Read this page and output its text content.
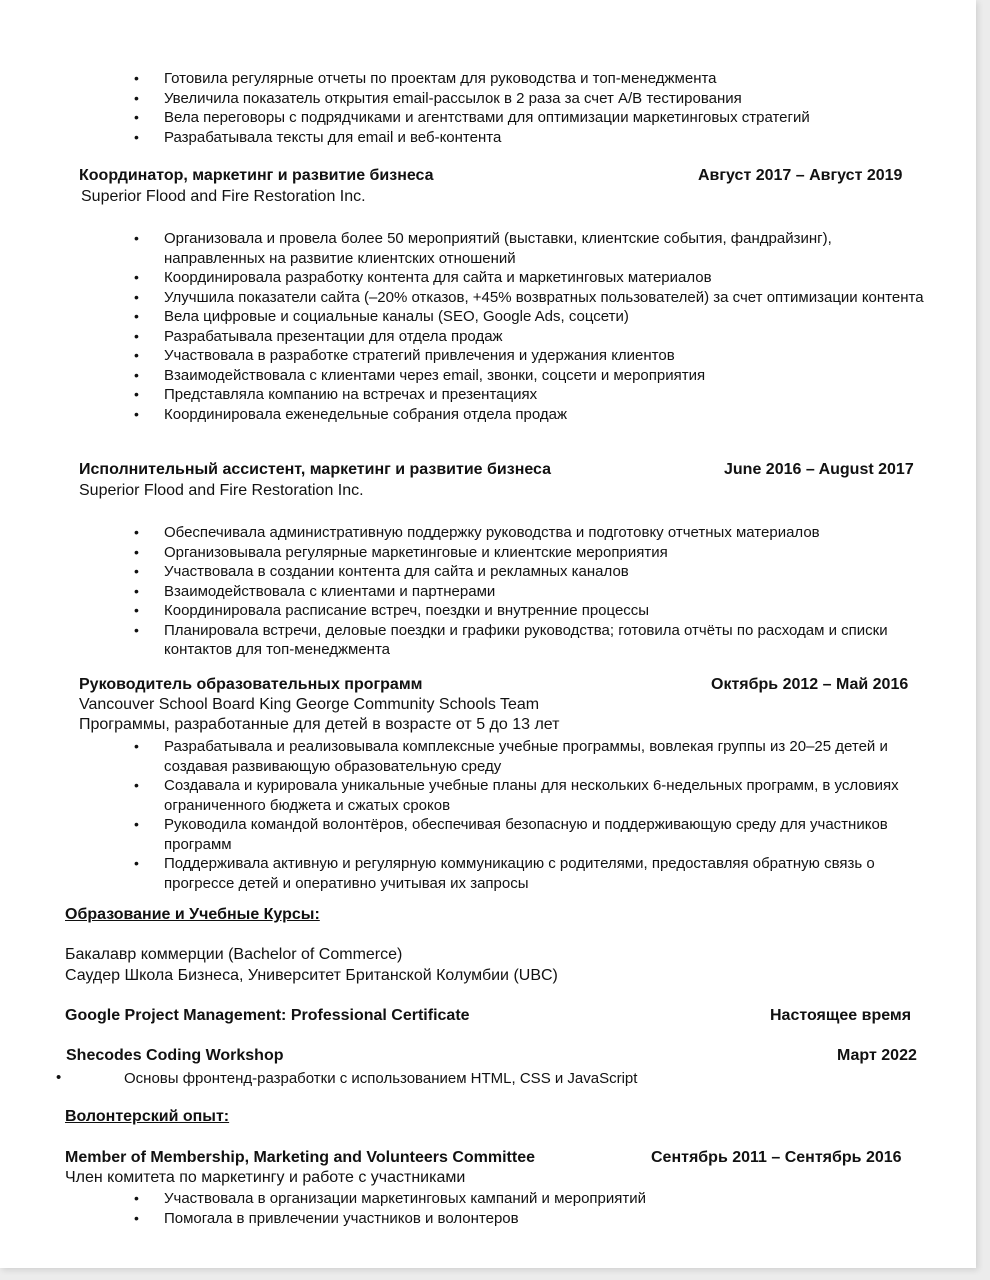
• Готовила регулярные отчеты по проектам для руководства и топ-менеджмента
• Увеличила показатель открытия email-рассылок в 2 раза за счет A/B тестирования
• Вела переговоры с подрядчиками и агентствами для оптимизации маркетинговых стратегий
• Разрабатывала тексты для email и веб-контента
Координатор, маркетинг и развитие бизнеса	Август 2017 – Август 2019
Superior Flood and Fire Restoration Inc.
• Организовала и провела более 50 мероприятий (выставки, клиентские события, фандрайзинг), направленных на развитие клиентских отношений
• Координировала разработку контента для сайта и маркетинговых материалов
• Улучшила показатели сайта (–20% отказов, +45% возвратных пользователей) за счет оптимизации контента
• Вела цифровые и социальные каналы (SEO, Google Ads, соцсети)
• Разрабатывала презентации для отдела продаж
• Участвовала в разработке стратегий привлечения и удержания клиентов
• Взаимодействовала с клиентами через email, звонки, соцсети и мероприятия
• Представляла компанию на встречах и презентациях
• Координировала еженедельные собрания отдела продаж
Исполнительный ассистент, маркетинг и развитие бизнеса	June 2016 – August 2017
Superior Flood and Fire Restoration Inc.
• Обеспечивала административную поддержку руководства и подготовку отчетных материалов
• Организовывала регулярные маркетинговые и клиентские мероприятия
• Участвовала в создании контента для сайта и рекламных каналов
• Взаимодействовала с клиентами и партнерами
• Координировала расписание встреч, поездки и внутренние процессы
• Планировала встречи, деловые поездки и графики руководства; готовила отчёты по расходам и списки контактов для топ-менеджмента
Руководитель образовательных программ	Октябрь 2012 – Май 2016
Vancouver School Board King George Community Schools Team
Программы, разработанные для детей в возрасте от 5 до 13 лет
• Разрабатывала и реализовывала комплексные учебные программы, вовлекая группы из 20–25 детей и создавая развивающую образовательную среду
• Создавала и курировала уникальные учебные планы для нескольких 6-недельных программ, в условиях ограниченного бюджета и сжатых сроков
• Руководила командой волонтёров, обеспечивая безопасную и поддерживающую среду для участников программ
• Поддерживала активную и регулярную коммуникацию с родителями, предоставляя обратную связь о прогрессе детей и оперативно учитывая их запросы
Образование и Учебные Курсы:
Бакалавр коммерции (Bachelor of Commerce)
Саудер Школа Бизнеса, Университет Британской Колумбии (UBC)
Google Project Management: Professional Certificate	Настоящее время
Shecodes Coding Workshop	Март 2022
•	Основы фронтенд-разработки с использованием HTML, CSS и JavaScript
Волонтерский опыт:
Member of Membership, Marketing and Volunteers Committee	Сентябрь 2011 – Сентябрь 2016
Член комитета по маркетингу и работе с участниками
• Участвовала в организации маркетинговых кампаний и мероприятий
• Помогала в привлечении участников и волонтеров
